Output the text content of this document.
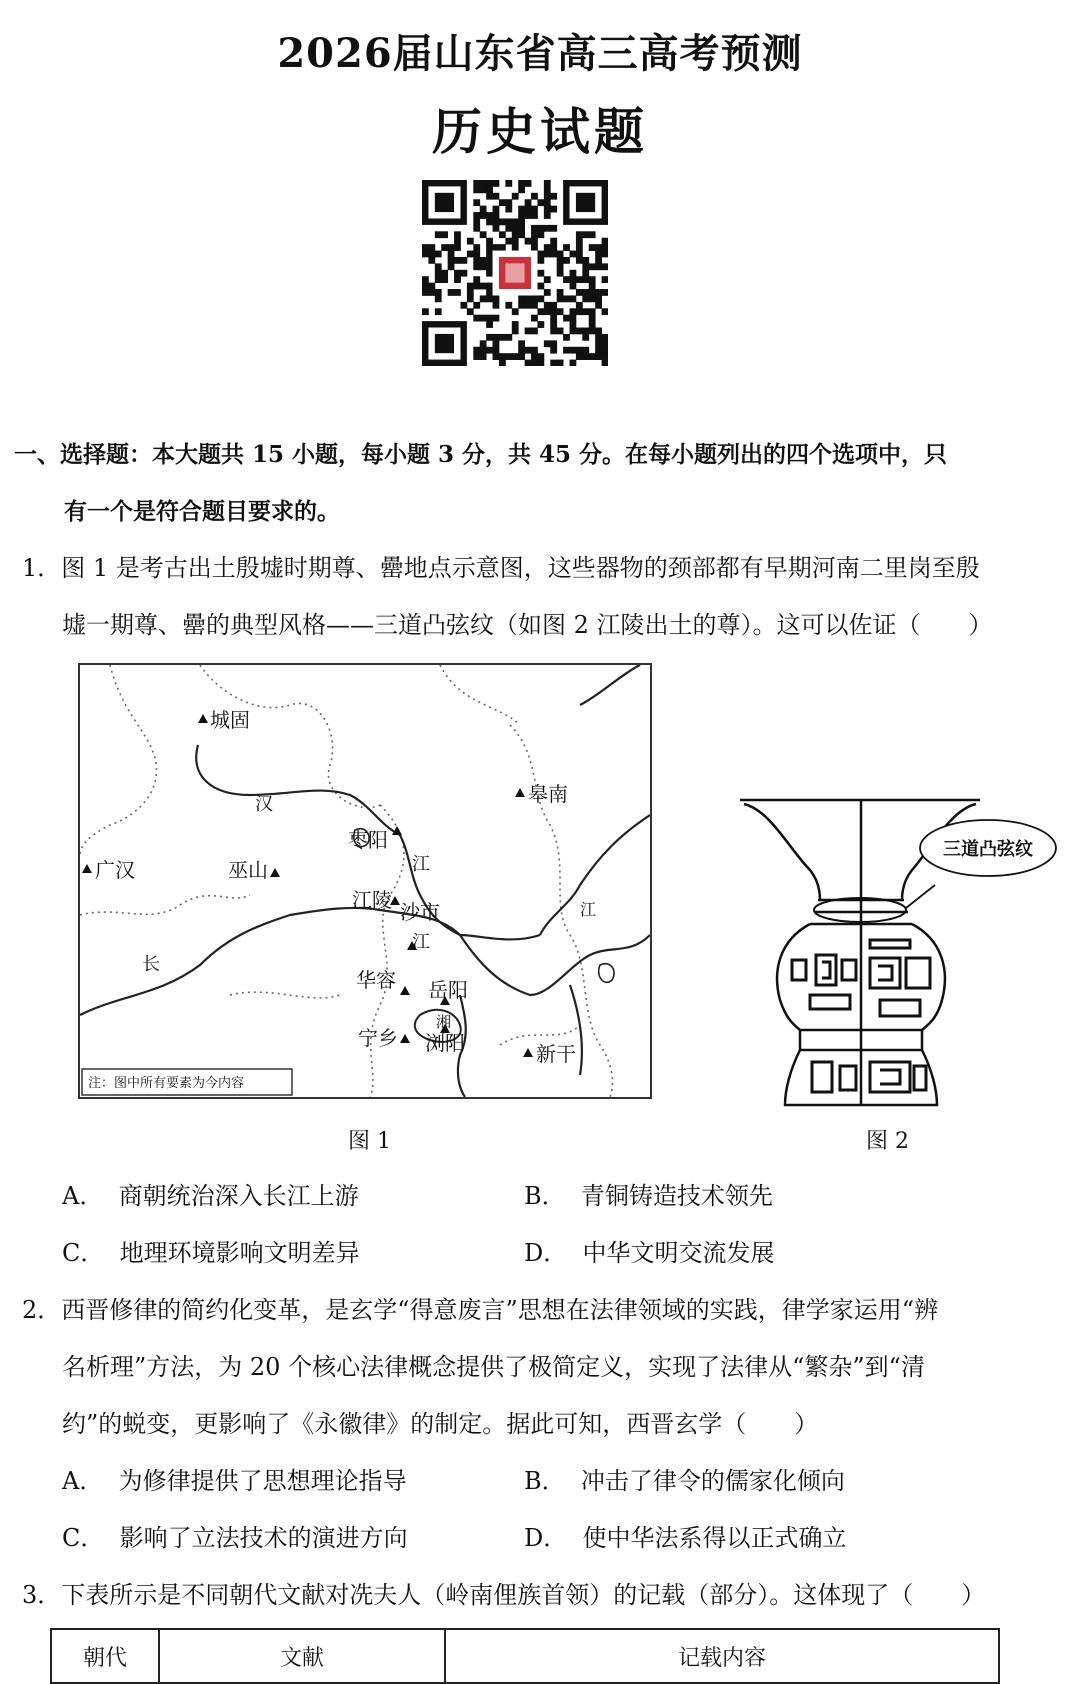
2026届山东省高三高考预测
历史试题
一、选择题：本大题共 15 小题，每小题 3 分，共 45 分。在每小题列出的四个选项中，只
有一个是符合题目要求的。
1．图 1 是考古出土殷墟时期尊、罍地点示意图，这些器物的颈部都有早期河南二里岗至殷
墟一期尊、罍的典型风格——三道凸弦纹（如图 2 江陵出土的尊）。这可以佐证（　　）
城固
皋南
枣阳
广汉	巫山
江陵 沙市
华容 岳阳
宁乡 浏阳	新干
汉
江
江
长
湘
江
注：图中所有要素为今内容
三道凸弦纹
图 1	图 2
A． 商朝统治深入长江上游	B． 青铜铸造技术领先
C． 地理环境影响文明差异	D． 中华文明交流发展
2．西晋修律的简约化变革，是玄学“得意废言”思想在法律领域的实践，律学家运用“辨
名析理”方法，为 20 个核心法律概念提供了极简定义，实现了法律从“繁杂”到“清
约”的蜕变，更影响了《永徽律》的制定。据此可知，西晋玄学（　　）
A． 为修律提供了思想理论指导	B． 冲击了律令的儒家化倾向
C． 影响了立法技术的演进方向	D． 使中华法系得以正式确立
3．下表所示是不同朝代文献对冼夫人（岭南俚族首领）的记载（部分）。这体现了（　　）
朝代	文献	记载内容
